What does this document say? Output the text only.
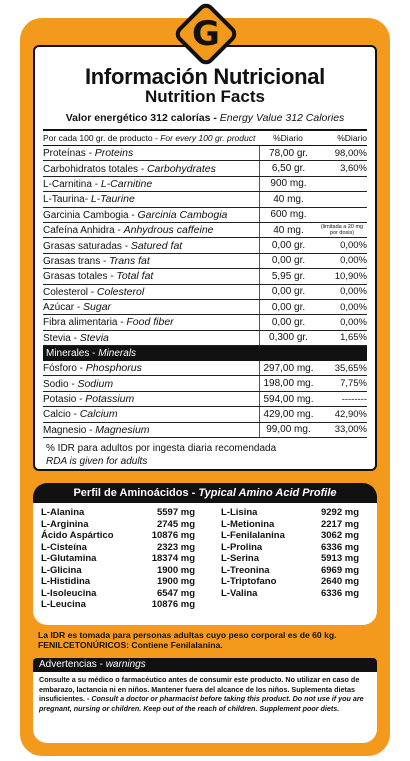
G
Información Nutricional
Nutrition Facts
Valor energético 312 calorías - Energy Value 312 Calories
Por cada 100 gr. de producto - For every 100 gr. product	%Diario	%Diario
Proteínas - Proteins	78,00 gr.	98,00%
Carbohidratos totales - Carbohydrates	6,50 gr.	3,60%
L-Carnitina - L-Carnitine	900 mg.
L-Taurina- L-Taurine	40 mg.
Garcinia Cambogia - Garcinia Cambogia	600 mg.
Cafeína Anhidra - Anhydrous caffeine	40 mg.	(limitada a 20 mg por dosis)
Grasas saturadas - Satured fat	0,00 gr.	0,00%
Grasas trans - Trans fat	0,00 gr.	0,00%
Grasas totales - Total fat	5,95 gr.	10,90%
Colesterol - Colesterol	0,00 gr.	0,00%
Azúcar - Sugar	0,00 gr.	0,00%
Fibra alimentaria - Food fiber	0,00 gr.	0,00%
Stevia - Stevia	0,300 gr.	1,65%
Minerales -
Minerals
Fósforo - Phosphorus	297,00 mg.	35,65%
Sodio - Sodium	198,00 mg.	7,75%
Potasio - Potassium	594,00 mg.	--------
Calcio - Calcium	429,00 mg.	42,90%
Magnesio - Magnesium	99,00 mg.	33,00%
% IDR para adultos por ingesta diaria recomendada
RDA is given for adults
Perfil de Aminoácidos - Typical Amino Acid Profile
L-Alanina	5597 mg
L-Arginina	2745 mg
Ácido Aspártico	10876 mg
L-Cisteína	2323 mg
L-Glutamina	18374 mg
L-Glicina	1900 mg
L-Histidina	1900 mg
L-Isoleucina	6547 mg
L-Leucina	10876 mg
L-Lisina	9292 mg
L-Metionina	2217 mg
L-Fenilalanina	3062 mg
L-Prolina	6336 mg
L-Serina	5913 mg
L-Treonina	6969 mg
L-Triptofano	2640 mg
L-Valina	6336 mg
La IDR es tomada para personas adultas cuyo peso corporal es de 60 kg.
FENILCETONÚRICOS: Contiene Fenilalanina.
Advertencias - warnings
Consulte a su médico o farmacéutico antes de consumir este producto. No utilizar en caso de embarazo, lactancia ni en niños. Mantener fuera del alcance de los niños. Suplementa dietas insuficientes. - Consult a doctor or pharmacist before taking this product. Do not use if you are pregnant, nursing or children. Keep out of the reach of children. Supplement poor diets.
